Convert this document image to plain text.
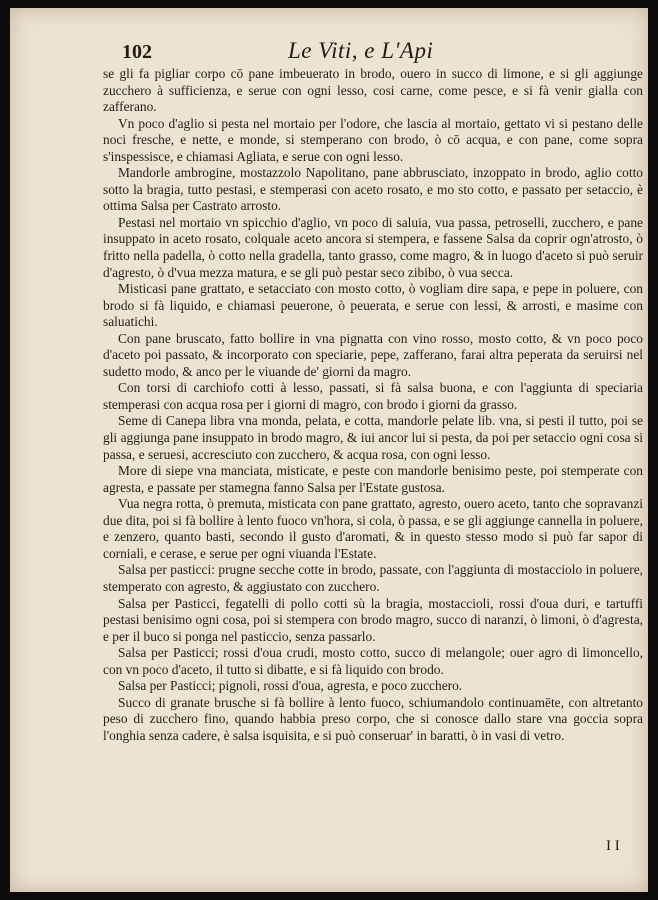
102	Le Viti, e L'Api

se gli fa pigliar corpo cō pane imbeuerato in brodo, ouero in succo di limone, e si gli aggiunge zucchero à sufficienza, e serue con ogni lesso, cosi carne, come pesce, e si fà venir gialla con zafferano.

Vn poco d'aglio si pesta nel mortaio per l'odore, che lascia al mortaio, gettato vi si pestano delle noci fresche, e nette, e monde, si stemperano con brodo, ò cō acqua, e con pane, come sopra s'inspessisce, e chiamasi Agliata, e serue con ogni lesso.

Mandorle ambrogine, mostazzolo Napolitano, pane abbrusciato, inzoppato in brodo, aglio cotto sotto la bragia, tutto pestasi, e stemperasi con aceto rosato, e mo sto cotto, e passato per setaccio, è ottima Salsa per Castrato arrosto.

Pestasi nel mortaio vn spicchio d'aglio, vn poco di saluia, vua passa, petroselli, zucchero, e pane insuppato in aceto rosato, colquale aceto ancora si stempera, e fassene Salsa da coprir ogn'atrosto, ò fritto nella padella, ò cotto nella gradella, tanto grasso, come magro, & in luogo d'aceto si può seruir d'agresto, ò d'vua mezza matura, e se gli può pestar seco zibibo, ò vua secca.

Misticasi pane grattato, e setacciato con mosto cotto, ò vogliam dire sapa, e pepe in poluere, con brodo si fà liquido, e chiamasi peuerone, ò peuerata, e serue con lessi, & arrosti, e masime con saluatichi.

Con pane bruscato, fatto bollire in vna pignatta con vino rosso, mosto cotto, & vn poco poco d'aceto poi passato, & incorporato con speciarie, pepe, zafferano, farai altra peperata da seruirsi nel sudetto modo, & anco per le viuande de' giorni da magro.

Con torsi di carchiofo cotti à lesso, passati, si fà salsa buona, e con l'aggiunta di speciaria stemperasi con acqua rosa per i giorni di magro, con brodo i giorni da grasso.

Seme di Canepa libra vna monda, pelata, e cotta, mandorle pelate lib. vna, si pesti il tutto, poi se gli aggiunga pane insuppato in brodo magro, & iui ancor lui si pesta, da poi per setaccio ogni cosa si passa, e seruesi, accresciuto con zucchero, & acqua rosa, con ogni lesso.

More di siepe vna manciata, misticate, e peste con mandorle benisimo peste, poi stemperate con agresta, e passate per stamegna fanno Salsa per l'Estate gustosa.

Vua negra rotta, ò premuta, misticata con pane grattato, agresto, ouero aceto, tanto che sopravanzi due dita, poi si fà bollire à lento fuoco vn'hora, si cola, ò passa, e se gli aggiunge cannella in poluere, e zenzero, quanto basti, secondo il gusto d'aromati, & in questo stesso modo si può far sapor di cornialì, e cerase, e serue per ogni viuanda l'Estate.

Salsa per pasticci: prugne secche cotte in brodo, passate, con l'aggiunta di mostacciolo in poluere, stemperato con agresto, & aggiustato con zucchero.

Salsa per Pasticci, fegatelli di pollo cotti sù la bragia, mostaccioli, rossi d'oua duri, e tartuffi pestasi benisimo ogni cosa, poi si stempera con brodo magro, succo di naranzi, ò limoni, ò d'agresta, e per il buco si ponga nel pasticcio, senza passarlo.

Salsa per Pasticci; rossi d'oua crudi, mosto cotto, succo di melangole; ouer agro di limoncello, con vn poco d'aceto, il tutto si dibatte, e si fà liquido con brodo.

Salsa per Pasticci; pignoli, rossi d'oua, agresta, e poco zucchero.

Succo di granate brusche si fà bollire à lento fuoco, schiumandolo continuamēte, con altretanto peso di zucchero fino, quando habbia preso corpo, che si conosce dallo stare vna goccia sopra l'onghia senza cadere, è salsa isquisita, e si può conseruar' in baratti, ò in vasi di vetro.

I I
